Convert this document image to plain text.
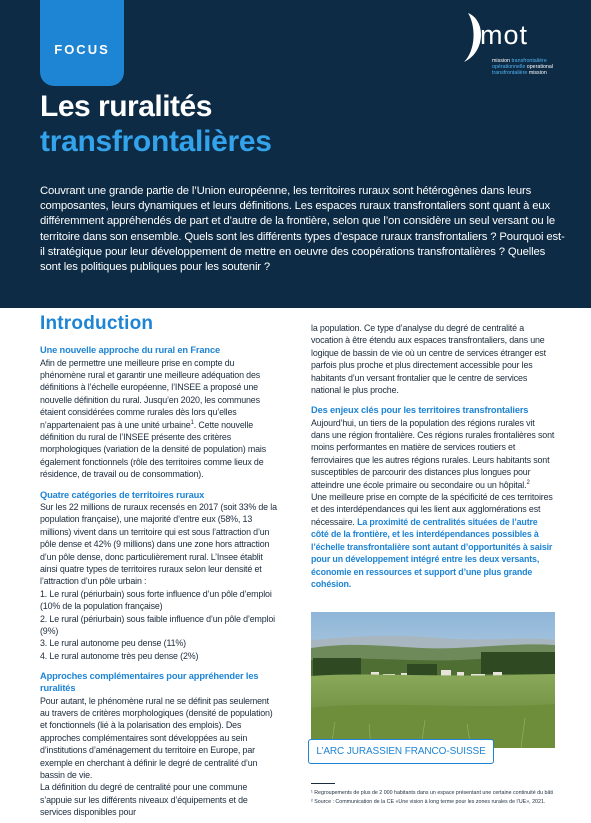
FOCUS	mot
mission transfrontalière
opérationnelle operational
transfrontalière mission
Les ruralités
transfrontalières
Couvrant une grande partie de l’Union européenne, les territoires ruraux sont hétérogènes dans leurs composantes, leurs dynamiques et leurs définitions. Les espaces ruraux transfrontaliers sont quant à eux différemment appréhendés de part et d’autre de la frontière, selon que l’on considère un seul versant ou le territoire dans son ensemble. Quels sont les différents types d’espace ruraux transfrontaliers ? Pourquoi est-il stratégique pour leur développement de mettre en oeuvre des coopérations transfrontalières ? Quelles sont les politiques publiques pour les soutenir ?
Introduction
Une nouvelle approche du rural en France

Afin de permettre une meilleure prise en compte du phénomène rural et garantir une meilleure adéquation des définitions à l’échelle européenne, l’INSEE a proposé une nouvelle définition du rural. Jusqu’en 2020, les communes étaient considérées comme rurales dès lors qu’elles n’appartenaient pas à une unité urbaine$^1$. Cette nouvelle définition du rural de l’INSEE présente des critères morphologiques (variation de la densité de population) mais également fonctionnels (rôle des territoires comme lieux de résidence, de travail ou de consommation).

Quatre catégories de territoires ruraux

Sur les 22 millions de ruraux recensés en 2017 (soit 33% de la population française), une majorité d’entre eux (58%, 13 millions) vivent dans un territoire qui est sous l’attraction d’un pôle dense et 42% (9 millions) dans une zone hors attraction d’un pôle dense, donc particulièrement rural. L’Insee établit ainsi quatre types de territoires ruraux selon leur densité et l’attraction d’un pôle urbain :

1. Le rural (périurbain) sous forte influence d’un pôle d’emploi (10% de la population française)

2. Le rural (périurbain) sous faible influence d’un pôle d’emploi (9%)

3. Le rural autonome peu dense (11%)

4. Le rural autonome très peu dense (2%)

Approches complémentaires pour appréhender les ruralités

Pour autant, le phénomène rural ne se définit pas seulement au travers de critères morphologiques (densité de population) et fonctionnels (lié à la polarisation des emplois). Des approches complémentaires sont développées au sein d’institutions d’aménagement du territoire en Europe, par exemple en cherchant à définir le degré de centralité d’un bassin de vie.

La définition du degré de centralité pour une commune s’appuie sur les différents niveaux d’équipements et de services disponibles pour

la population. Ce type d’analyse du degré de centralité a vocation à être étendu aux espaces transfrontaliers, dans une logique de bassin de vie où un centre de services étranger est parfois plus proche et plus directement accessible pour les habitants d’un versant frontalier que le centre de services national le plus proche.

Des enjeux clés pour les territoires transfrontaliers

Aujourd’hui, un tiers de la population des régions rurales vit dans une région frontalière. Ces régions rurales frontalières sont moins performantes en matière de services routiers et ferroviaires que les autres régions rurales. Leurs habitants sont susceptibles de parcourir des distances plus longues pour atteindre une école primaire ou secondaire ou un hôpital.$^2$

Une meilleure prise en compte de la spécificité de ces territoires et des interdépendances qui les lient aux agglomérations est nécessaire. La proximité de centralités situées de l’autre côté de la frontière, et les interdépendances possibles à l’échelle transfrontalière sont autant d’opportunités à saisir pour un développement intégré entre les deux versants, économie en ressources et support d’une plus grande cohésion.

L’ARC JURASSIEN FRANCO-SUISSE
¹ Regroupements de plus de 2 000 habitants dans un espace présentant une certaine continuité du bâti
² Source : Communication de la CE «Une vision à long terme pour les zones rurales de l’UE», 2021.
